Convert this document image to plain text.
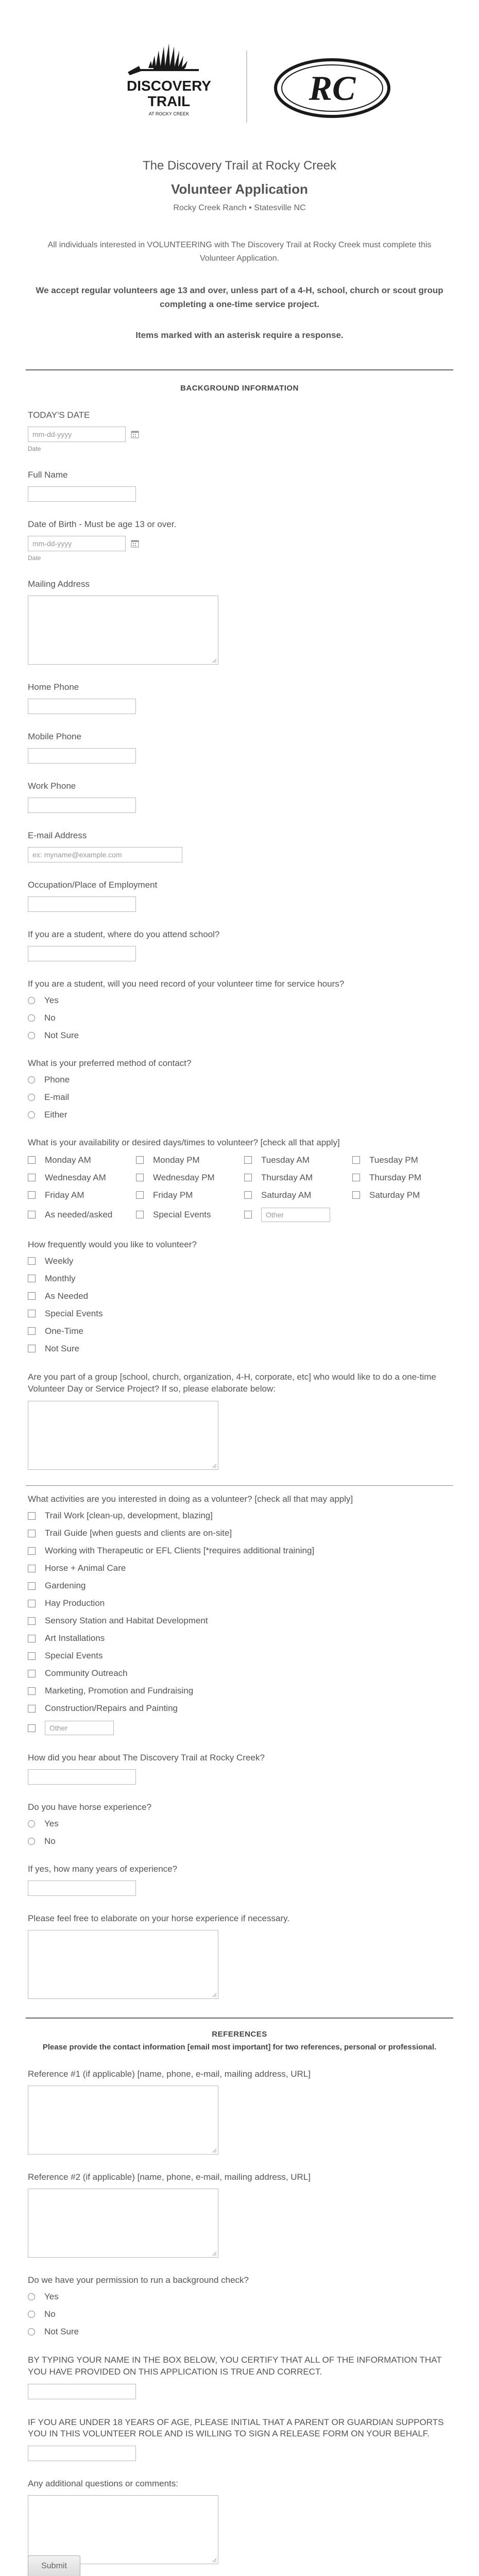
DISCOVERY
TRAIL
AT ROCKY CREEK
RC
The Discovery Trail at Rocky Creek
Volunteer Application
Rocky Creek Ranch • Statesville NC
All individuals interested in VOLUNTEERING with The Discovery Trail at Rocky Creek must complete this Volunteer Application.
We accept regular volunteers age 13 and over, unless part of a 4-H, school, church or scout group completing a one-time service project.
Items marked with an asterisk require a response.
BACKGROUND INFORMATION
TODAY'S DATE
mm-dd-yyyy
Date
Full Name
Date of Birth - Must be age 13 or over.
mm-dd-yyyy
Date
Mailing Address
Home Phone
Mobile Phone
Work Phone
E-mail Address
ex: myname@example.com
Occupation/Place of Employment
If you are a student, where do you attend school?
If you are a student, will you need record of your volunteer time for service hours?
Yes
No
Not Sure
What is your preferred method of contact?
Phone
E-mail
Either
What is your availability or desired days/times to volunteer? [check all that apply]
Monday AM	Monday PM	Tuesday AM	Tuesday PM
Wednesday AM	Wednesday PM	Thursday AM	Thursday PM
Friday AM	Friday PM	Saturday AM	Saturday PM
As needed/asked	Special Events	Other
How frequently would you like to volunteer?
Weekly
Monthly
As Needed
Special Events
One-Time
Not Sure
Are you part of a group [school, church, organization, 4-H, corporate, etc] who would like to do a one-time Volunteer Day or Service Project? If so, please elaborate below:
What activities are you interested in doing as a volunteer? [check all that may apply]
Trail Work [clean-up, development, blazing]
Trail Guide [when guests and clients are on-site]
Working with Therapeutic or EFL Clients [*requires additional training]
Horse + Animal Care
Gardening
Hay Production
Sensory Station and Habitat Development
Art Installations
Special Events
Community Outreach
Marketing, Promotion and Fundraising
Construction/Repairs and Painting
Other
How did you hear about The Discovery Trail at Rocky Creek?
Do you have horse experience?
Yes
No
If yes, how many years of experience?
Please feel free to elaborate on your horse experience if necessary.
REFERENCES
Please provide the contact information [email most important] for two references, personal or professional.
Reference #1 (if applicable) [name, phone, e-mail, mailing address, URL]
Reference #2 (if applicable) [name, phone, e-mail, mailing address, URL]
Do we have your permission to run a background check?
Yes
No
Not Sure
BY TYPING YOUR NAME IN THE BOX BELOW, YOU CERTIFY THAT ALL OF THE INFORMATION THAT YOU HAVE PROVIDED ON THIS APPLICATION IS TRUE AND CORRECT.
IF YOU ARE UNDER 18 YEARS OF AGE, PLEASE INITIAL THAT A PARENT OR GUARDIAN SUPPORTS YOU IN THIS VOLUNTEER ROLE AND IS WILLING TO SIGN A RELEASE FORM ON YOUR BEHALF.
Any additional questions or comments:
Submit
